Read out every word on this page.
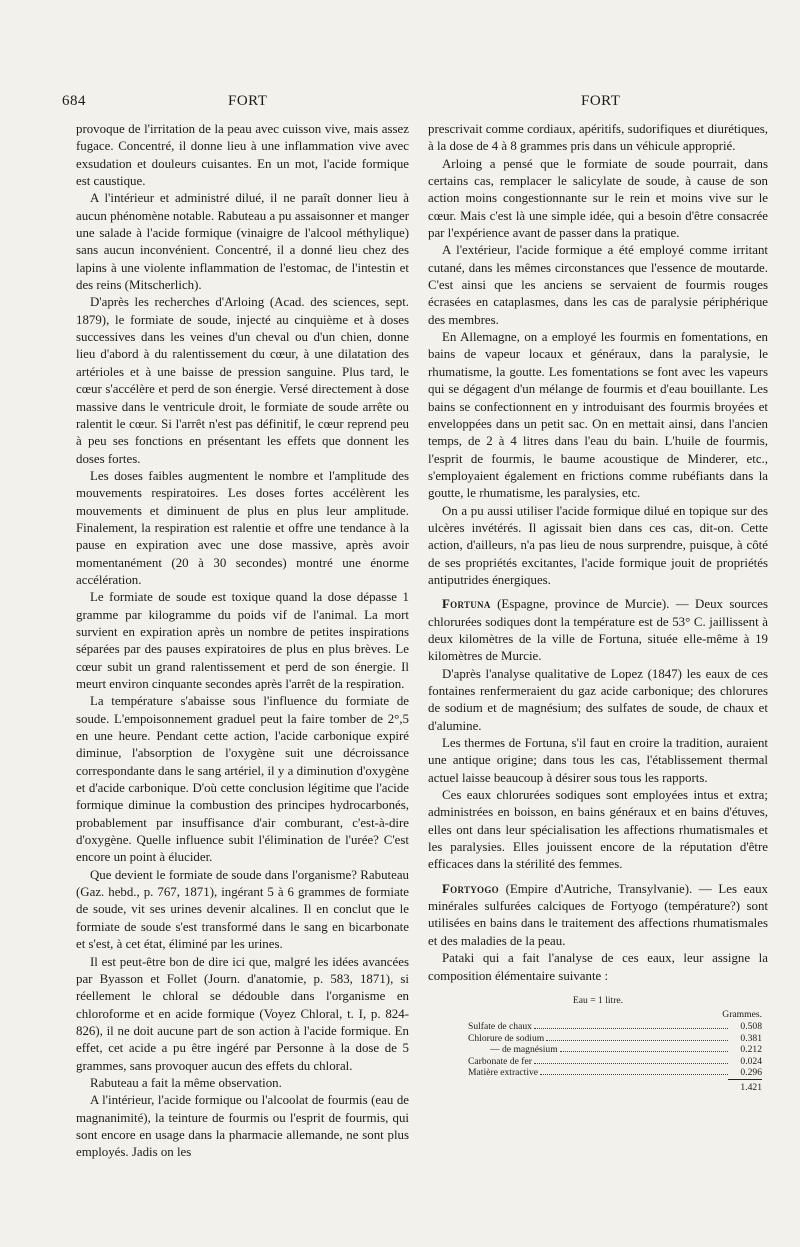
684	FORT	FORT

provoque de l'irritation de la peau avec cuisson vive, mais assez fugace. Concentré, il donne lieu à une inflammation vive avec exsudation et douleurs cuisantes. En un mot, l'acide formique est caustique.

A l'intérieur et administré dilué, il ne paraît donner lieu à aucun phénomène notable. Rabuteau a pu assaisonner et manger une salade à l'acide formique (vinaigre de l'alcool méthylique) sans aucun inconvénient. Concentré, il a donné lieu chez des lapins à une violente inflammation de l'estomac, de l'intestin et des reins (Mitscherlich).

D'après les recherches d'Arloing (Acad. des sciences, sept. 1879), le formiate de soude, injecté au cinquième et à doses successives dans les veines d'un cheval ou d'un chien, donne lieu d'abord à du ralentissement du cœur, à une dilatation des artérioles et à une baisse de pression sanguine. Plus tard, le cœur s'accélère et perd de son énergie. Versé directement à dose massive dans le ventricule droit, le formiate de soude arrête ou ralentit le cœur. Si l'arrêt n'est pas définitif, le cœur reprend peu à peu ses fonctions en présentant les effets que donnent les doses fortes.

Les doses faibles augmentent le nombre et l'amplitude des mouvements respiratoires. Les doses fortes accélèrent les mouvements et diminuent de plus en plus leur amplitude. Finalement, la respiration est ralentie et offre une tendance à la pause en expiration avec une dose massive, après avoir momentanément (20 à 30 secondes) montré une énorme accélération.

Le formiate de soude est toxique quand la dose dépasse 1 gramme par kilogramme du poids vif de l'animal. La mort survient en expiration après un nombre de petites inspirations séparées par des pauses expiratoires de plus en plus brèves. Le cœur subit un grand ralentissement et perd de son énergie. Il meurt environ cinquante secondes après l'arrêt de la respiration.

La température s'abaisse sous l'influence du formiate de soude. L'empoisonnement graduel peut la faire tomber de 2°,5 en une heure. Pendant cette action, l'acide carbonique expiré diminue, l'absorption de l'oxygène suit une décroissance correspondante dans le sang artériel, il y a diminution d'oxygène et d'acide carbonique. D'où cette conclusion légitime que l'acide formique diminue la combustion des principes hydrocarbonés, probablement par insuffisance d'air comburant, c'est-à-dire d'oxygène. Quelle influence subit l'élimination de l'urée? C'est encore un point à élucider.

Que devient le formiate de soude dans l'organisme? Rabuteau (Gaz. hebd., p. 767, 1871), ingérant 5 à 6 grammes de formiate de soude, vit ses urines devenir alcalines. Il en conclut que le formiate de soude s'est transformé dans le sang en bicarbonate et s'est, à cet état, éliminé par les urines.

Il est peut-être bon de dire ici que, malgré les idées avancées par Byasson et Follet (Journ. d'anatomie, p. 583, 1871), si réellement le chloral se dédouble dans l'organisme en chloroforme et en acide formique (Voyez Chloral, t. I, p. 824-826), il ne doit aucune part de son action à l'acide formique. En effet, cet acide a pu être ingéré par Personne à la dose de 5 grammes, sans provoquer aucun des effets du chloral.

Rabuteau a fait la même observation.

A l'intérieur, l'acide formique ou l'alcoolat de fourmis (eau de magnanimité), la teinture de fourmis ou l'esprit de fourmis, qui sont encore en usage dans la pharmacie allemande, ne sont plus employés. Jadis on les

prescrivait comme cordiaux, apéritifs, sudorifiques et diurétiques, à la dose de 4 à 8 grammes pris dans un véhicule approprié.

Arloing a pensé que le formiate de soude pourrait, dans certains cas, remplacer le salicylate de soude, à cause de son action moins congestionnante sur le rein et moins vive sur le cœur. Mais c'est là une simple idée, qui a besoin d'être consacrée par l'expérience avant de passer dans la pratique.

A l'extérieur, l'acide formique a été employé comme irritant cutané, dans les mêmes circonstances que l'essence de moutarde. C'est ainsi que les anciens se servaient de fourmis rouges écrasées en cataplasmes, dans les cas de paralysie périphérique des membres.

En Allemagne, on a employé les fourmis en fomentations, en bains de vapeur locaux et généraux, dans la paralysie, le rhumatisme, la goutte. Les fomentations se font avec les vapeurs qui se dégagent d'un mélange de fourmis et d'eau bouillante. Les bains se confectionnent en y introduisant des fourmis broyées et enveloppées dans un petit sac. On en mettait ainsi, dans l'ancien temps, de 2 à 4 litres dans l'eau du bain. L'huile de fourmis, l'esprit de fourmis, le baume acoustique de Minderer, etc., s'employaient également en frictions comme rubéfiants dans la goutte, le rhumatisme, les paralysies, etc.

On a pu aussi utiliser l'acide formique dilué en topique sur des ulcères invétérés. Il agissait bien dans ces cas, dit-on. Cette action, d'ailleurs, n'a pas lieu de nous surprendre, puisque, à côté de ses propriétés excitantes, l'acide formique jouit de propriétés antiputrides énergiques.

Fortuna (Espagne, province de Murcie). — Deux sources chlorurées sodiques dont la température est de 53° C. jaillissent à deux kilomètres de la ville de Fortuna, située elle-même à 19 kilomètres de Murcie.

D'après l'analyse qualitative de Lopez (1847) les eaux de ces fontaines renfermeraient du gaz acide carbonique; des chlorures de sodium et de magnésium; des sulfates de soude, de chaux et d'alumine.

Les thermes de Fortuna, s'il faut en croire la tradition, auraient une antique origine; dans tous les cas, l'établissement thermal actuel laisse beaucoup à désirer sous tous les rapports.

Ces eaux chlorurées sodiques sont employées intus et extra; administrées en boisson, en bains généraux et en bains d'étuves, elles ont dans leur spécialisation les affections rhumatismales et les paralysies. Elles jouissent encore de la réputation d'être efficaces dans la stérilité des femmes.

Fortyogo (Empire d'Autriche, Transylvanie). — Les eaux minérales sulfurées calciques de Fortyogo (température?) sont utilisées en bains dans le traitement des affections rhumatismales et des maladies de la peau.

Pataki qui a fait l'analyse de ces eaux, leur assigne la composition élémentaire suivante :

Eau = 1 litre.
Grammes.
Sulfate de chaux	0.508
Chlorure de sodium	0.381
— de magnésium	0.212
Carbonate de fer	0.024
Matière extractive	0.296
1.421
